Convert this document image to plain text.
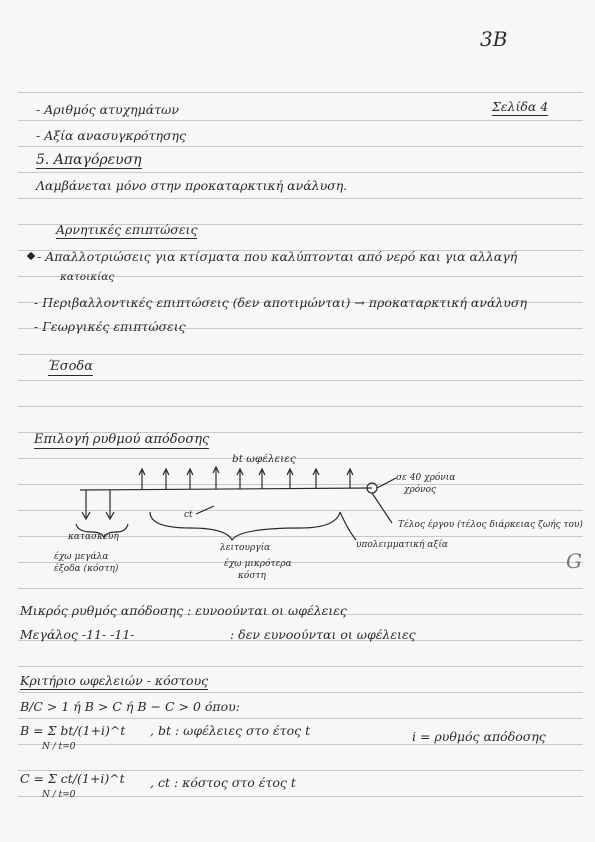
3B
Σελίδα 4
- Αριθμός ατυχημάτων
- Αξία ανασυγκρότησης
5. Απαγόρευση
Λαμβάνεται μόνο στην προκαταρκτική ανάλυση.
Αρνητικές επιπτώσεις
- Απαλλοτριώσεις για κτίσματα που καλύπτονται από νερό και για αλλαγή
κατοικίας
- Περιβαλλοντικές επιπτώσεις (δεν αποτιμώνται) → προκαταρκτική ανάλυση
- Γεωργικές επιπτώσεις
Έσοδα
Επιλογή ρυθμού απόδοσης
bt ωφέλειες
σε 40 χρόνια
χρόνος
Τέλος έργου (τέλος διάρκειας ζωής του)
ct
κατασκευή
λειτουργία	υπολειμματική αξία
έχω μεγάλα
έξοδα (κόστη)	έχω μικρότερα
κόστη
Μικρός ρυθμός απόδοσης : ευνοούνται οι ωφέλειες
Μεγάλος -11- -11-	: δεν ευνοούνται οι ωφέλειες
Κριτήριο ωφελειών - κόστους
B/C > 1 ή B > C ή B − C > 0 όπου:
B = Σ bt/(1+i)^t
N / t=0
, bt : ωφέλειες στο έτος t	i = ρυθμός απόδοσης
C = Σ ct/(1+i)^t
N / t=0
, ct : κόστος στο έτος t
G
